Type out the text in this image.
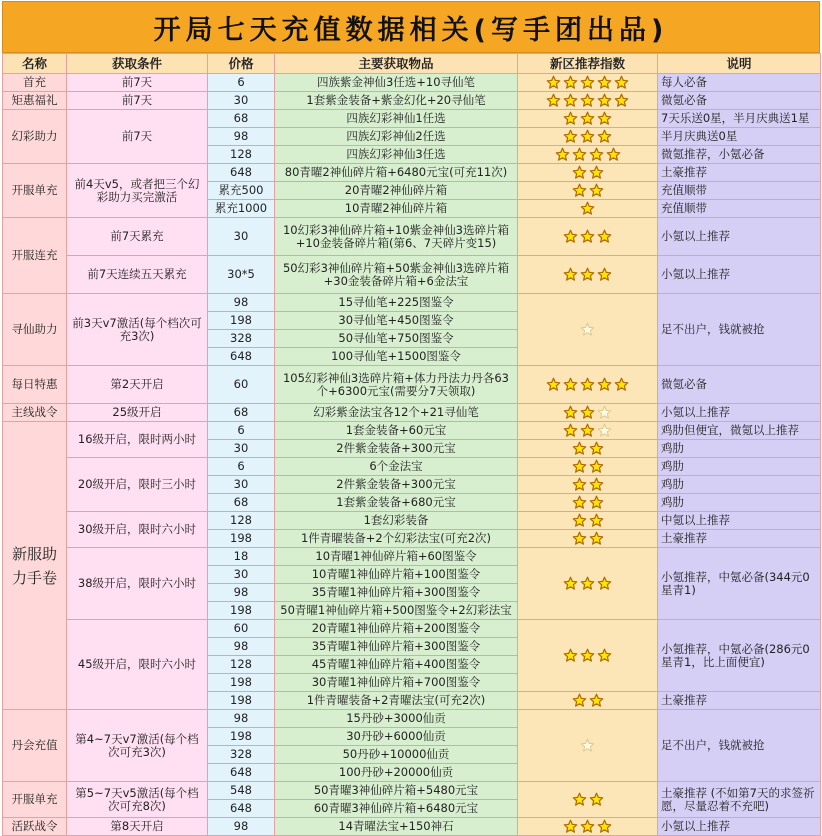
开局七天充值数据相关(写手团出品)
名称	获取条件	价格	主要获取物品	新区推荐指数	说明
首充	前7天	6	四族紫金神仙3任选+10寻仙笔		每人必备
矩惠福礼	前7天	30	1套紫金装备+紫金幻化+20寻仙笔		微氪必备
幻彩助力	前7天	68	四族幻彩神仙1任选		7天乐送0星，半月庆典送1星
		98	四族幻彩神仙2任选		半月庆典送0星
		128	四族幻彩神仙3任选		微氪推荐，小氪必备
开服单充	前4天v5，或者把三个幻彩助力买完激活	648	80青曜2神仙碎片箱+6480元宝(可充11次)		土豪推荐
		累充500	20青曜2神仙碎片箱		充值顺带
		累充1000	10青曜2神仙碎片箱		充值顺带
开服连充	前7天累充	30	10幻彩3神仙碎片箱+10紫金神仙3选碎片箱+10金装备碎片箱(第6、7天碎片变15)		小氪以上推荐
	前7天连续五天累充	30*5	50幻彩3神仙碎片箱+50紫金神仙3选碎片箱+30金装备碎片箱+6金法宝		小氪以上推荐
寻仙助力	前3天v7激活(每个档次可充3次)	98	15寻仙笔+225图鉴令		足不出户，钱就被抢
		198	30寻仙笔+450图鉴令		
		328	50寻仙笔+750图鉴令		
		648	100寻仙笔+1500图鉴令		
每日特惠	第2天开启	60	105幻彩神仙3选碎片箱+体力丹法力丹各63个+6300元宝(需要分7天领取)		微氪必备
主线战令	25级开启	68	幻彩紫金法宝各12个+21寻仙笔		小氪以上推荐
新服助力手卷	16级开启，限时两小时	6	1套金装备+60元宝		鸡肋但便宜，微氪以上推荐
		30	2件紫金装备+300元宝		鸡肋
	20级开启，限时三小时	6	6个金法宝		鸡肋
		30	2件紫金装备+300元宝		鸡肋
		68	1套紫金装备+680元宝		鸡肋
	30级开启，限时六小时	128	1套幻彩装备		中氪以上推荐
		198	1件青曜装备+2个幻彩法宝(可充2次)		土豪推荐
	38级开启，限时六小时	18	10青曜1神仙碎片箱+60图鉴令		小氪推荐，中氪必备(344元0星青1)
		30	10青曜1神仙碎片箱+100图鉴令		
		98	35青曜1神仙碎片箱+300图鉴令		
		198	50青曜1神仙碎片箱+500图鉴令+2幻彩法宝		
	45级开启，限时六小时	60	20青曜1神仙碎片箱+200图鉴令		小氪推荐，中氪必备(286元0星青1，比上面便宜)
		98	35青曜1神仙碎片箱+300图鉴令		
		128	45青曜1神仙碎片箱+400图鉴令		
		198	30青曜1神仙碎片箱+700图鉴令		
		198	1件青曜装备+2青曜法宝(可充2次)		土豪推荐
丹会充值	第4~7天v7激活(每个档次可充3次)	98	15丹砂+3000仙贡		足不出户，钱就被抢
		198	30丹砂+6000仙贡		
		328	50丹砂+10000仙贡		
		648	100丹砂+20000仙贡		
开服单充	第5~7天v5激活(每个档次可充8次)	548	50青曜3神仙碎片箱+5480元宝		土豪推荐 (不如第7天的求签祈愿，尽量忍着不充吧)
		648	60青曜3神仙碎片箱+6480元宝		
活跃战令	第8天开启	98	14青曜法宝+150神石		小氪以上推荐
